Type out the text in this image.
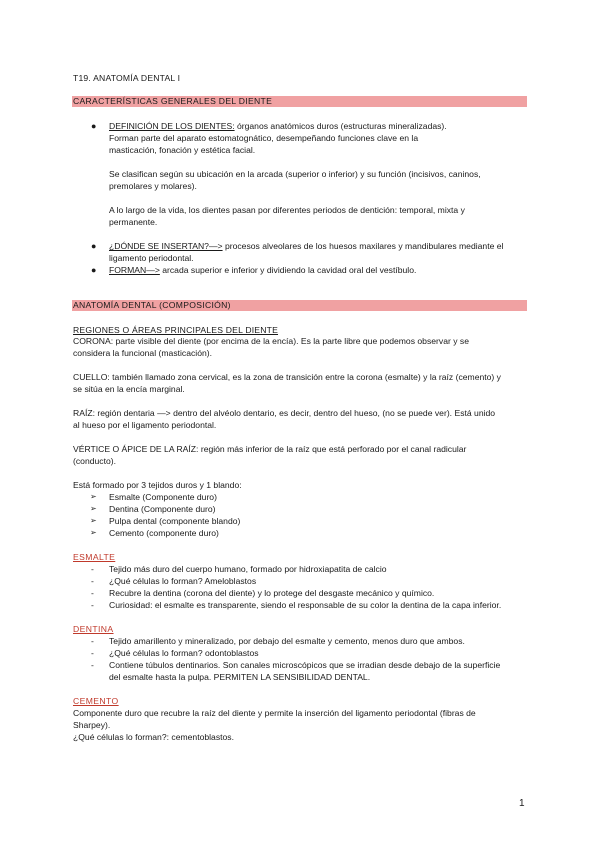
T19. ANATOMÍA DENTAL I
CARACTERÍSTICAS GENERALES DEL DIENTE
● DEFINICIÓN DE LOS DIENTES: órganos anatómicos duros (estructuras mineralizadas).
Forman parte del aparato estomatognático, desempeñando funciones clave en la
masticación, fonación y estética facial.
Se clasifican según su ubicación en la arcada (superior o inferior) y su función (incisivos, caninos,
premolares y molares).
A lo largo de la vida, los dientes pasan por diferentes periodos de dentición: temporal, mixta y
permanente.
● ¿DÓNDE SE INSERTAN?—> procesos alveolares de los huesos maxilares y mandibulares mediante el
ligamento periodontal.
● FORMAN—> arcada superior e inferior y dividiendo la cavidad oral del vestíbulo.
ANATOMÍA DENTAL (COMPOSICIÓN)
REGIONES O ÁREAS PRINCIPALES DEL DIENTE
CORONA: parte visible del diente (por encima de la encía). Es la parte libre que podemos observar y se
considera la funcional (masticación).
CUELLO: también llamado zona cervical, es la zona de transición entre la corona (esmalte) y la raíz (cemento) y
se sitúa en la encía marginal.
RAÍZ: región dentaria —> dentro del alvéolo dentario, es decir, dentro del hueso, (no se puede ver). Está unido
al hueso por el ligamento periodontal.
VÉRTICE O ÁPICE DE LA RAÍZ: región más inferior de la raíz que está perforado por el canal radicular
(conducto).
Está formado por 3 tejidos duros y 1 blando:
➢ Esmalte (Componente duro)
➢ Dentina (Componente duro)
➢ Pulpa dental (componente blando)
➢ Cemento (componente duro)
ESMALTE
- Tejido más duro del cuerpo humano, formado por hidroxiapatita de calcio
- ¿Qué células lo forman? Ameloblastos
- Recubre la dentina (corona del diente) y lo protege del desgaste mecánico y químico.
- Curiosidad: el esmalte es transparente, siendo el responsable de su color la dentina de la capa inferior.
DENTINA
- Tejido amarillento y mineralizado, por debajo del esmalte y cemento, menos duro que ambos.
- ¿Qué células lo forman? odontoblastos
- Contiene túbulos dentinarios. Son canales microscópicos que se irradian desde debajo de la superficie
del esmalte hasta la pulpa. PERMITEN LA SENSIBILIDAD DENTAL.
CEMENTO
Componente duro que recubre la raíz del diente y permite la inserción del ligamento periodontal (fibras de
Sharpey).
¿Qué células lo forman?: cementoblastos.
1
